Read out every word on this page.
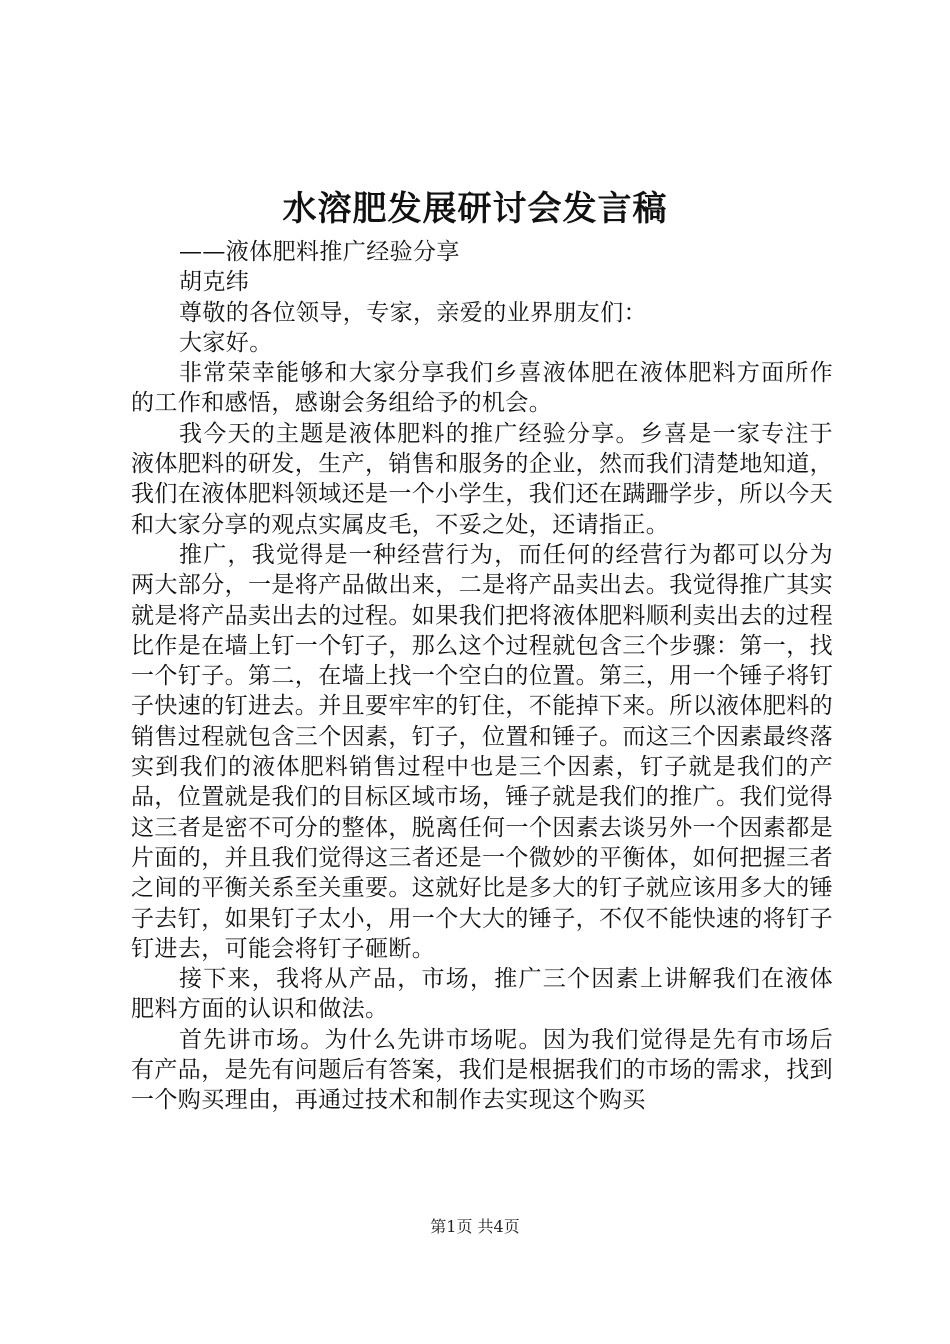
水溶肥发展研讨会发言稿

——液体肥料推广经验分享

胡克纬

尊敬的各位领导，专家，亲爱的业界朋友们：

大家好。

非常荣幸能够和大家分享我们乡喜液体肥在液体肥料方面所作的工作和感悟，感谢会务组给予的机会。

我今天的主题是液体肥料的推广经验分享。乡喜是一家专注于液体肥料的研发，生产，销售和服务的企业，然而我们清楚地知道，我们在液体肥料领域还是一个小学生，我们还在蹒跚学步，所以今天和大家分享的观点实属皮毛，不妥之处，还请指正。

推广，我觉得是一种经营行为，而任何的经营行为都可以分为两大部分，一是将产品做出来，二是将产品卖出去。我觉得推广其实就是将产品卖出去的过程。如果我们把将液体肥料顺利卖出去的过程比作是在墙上钉一个钉子，那么这个过程就包含三个步骤：第一，找一个钉子。第二，在墙上找一个空白的位置。第三，用一个锤子将钉子快速的钉进去。并且要牢牢的钉住，不能掉下来。所以液体肥料的销售过程就包含三个因素，钉子，位置和锤子。而这三个因素最终落实到我们的液体肥料销售过程中也是三个因素，钉子就是我们的产品，位置就是我们的目标区域市场，锤子就是我们的推广。我们觉得这三者是密不可分的整体，脱离任何一个因素去谈另外一个因素都是片面的，并且我们觉得这三者还是一个微妙的平衡体，如何把握三者之间的平衡关系至关重要。这就好比是多大的钉子就应该用多大的锤子去钉，如果钉子太小，用一个大大的锤子，不仅不能快速的将钉子钉进去，可能会将钉子砸断。

接下来，我将从产品，市场，推广三个因素上讲解我们在液体肥料方面的认识和做法。

首先讲市场。为什么先讲市场呢。因为我们觉得是先有市场后有产品，是先有问题后有答案，我们是根据我们的市场的需求，找到一个购买理由，再通过技术和制作去实现这个购买

第1页 共4页
